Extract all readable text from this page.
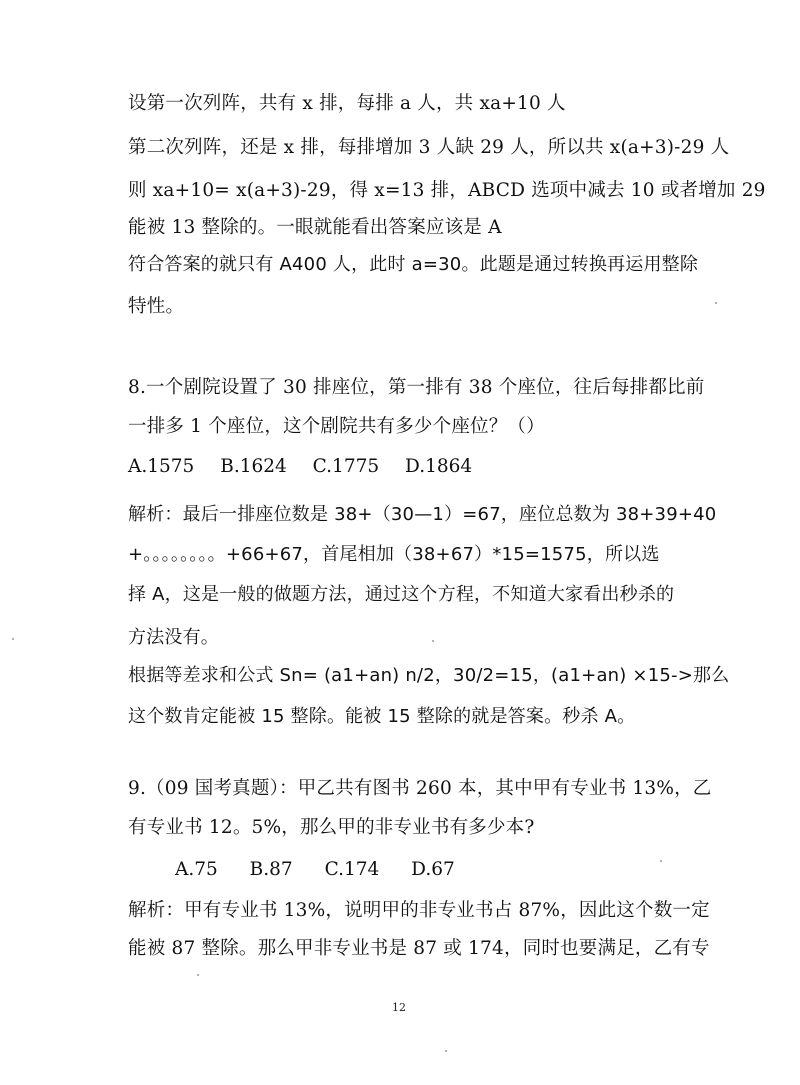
设第一次列阵，共有 x 排，每排 a 人，共 xa+10 人
第二次列阵，还是 x 排，每排增加 3 人缺 29 人，所以共 x(a+3)-29 人
则 xa+10= x(a+3)-29，得 x=13 排，ABCD 选项中减去 10 或者增加 29
能被 13 整除的。一眼就能看出答案应该是 A
符合答案的就只有 A400 人，此时 a=30。此题是通过转换再运用整除
特性。
8.一个剧院设置了 30 排座位，第一排有 38 个座位，往后每排都比前
一排多 1 个座位，这个剧院共有多少个座位？（）
A.1575 B.1624 C.1775 D.1864
解析：最后一排座位数是 38+（30—1）=67，座位总数为 38+39+40
+。。。。。。。。+66+67，首尾相加（38+67）*15=1575，所以选
择 A，这是一般的做题方法，通过这个方程，不知道大家看出秒杀的
方法没有。
根据等差求和公式 Sn= (a1+an) n/2，30/2=15，(a1+an) ×15->那么
这个数肯定能被 15 整除。能被 15 整除的就是答案。秒杀 A。
9.（09 国考真题）：甲乙共有图书 260 本，其中甲有专业书 13%，乙
有专业书 12。5%，那么甲的非专业书有多少本?
A.75 B.87 C.174 D.67
解析：甲有专业书 13%，说明甲的非专业书占 87%，因此这个数一定
能被 87 整除。那么甲非专业书是 87 或 174，同时也要满足，乙有专
12
